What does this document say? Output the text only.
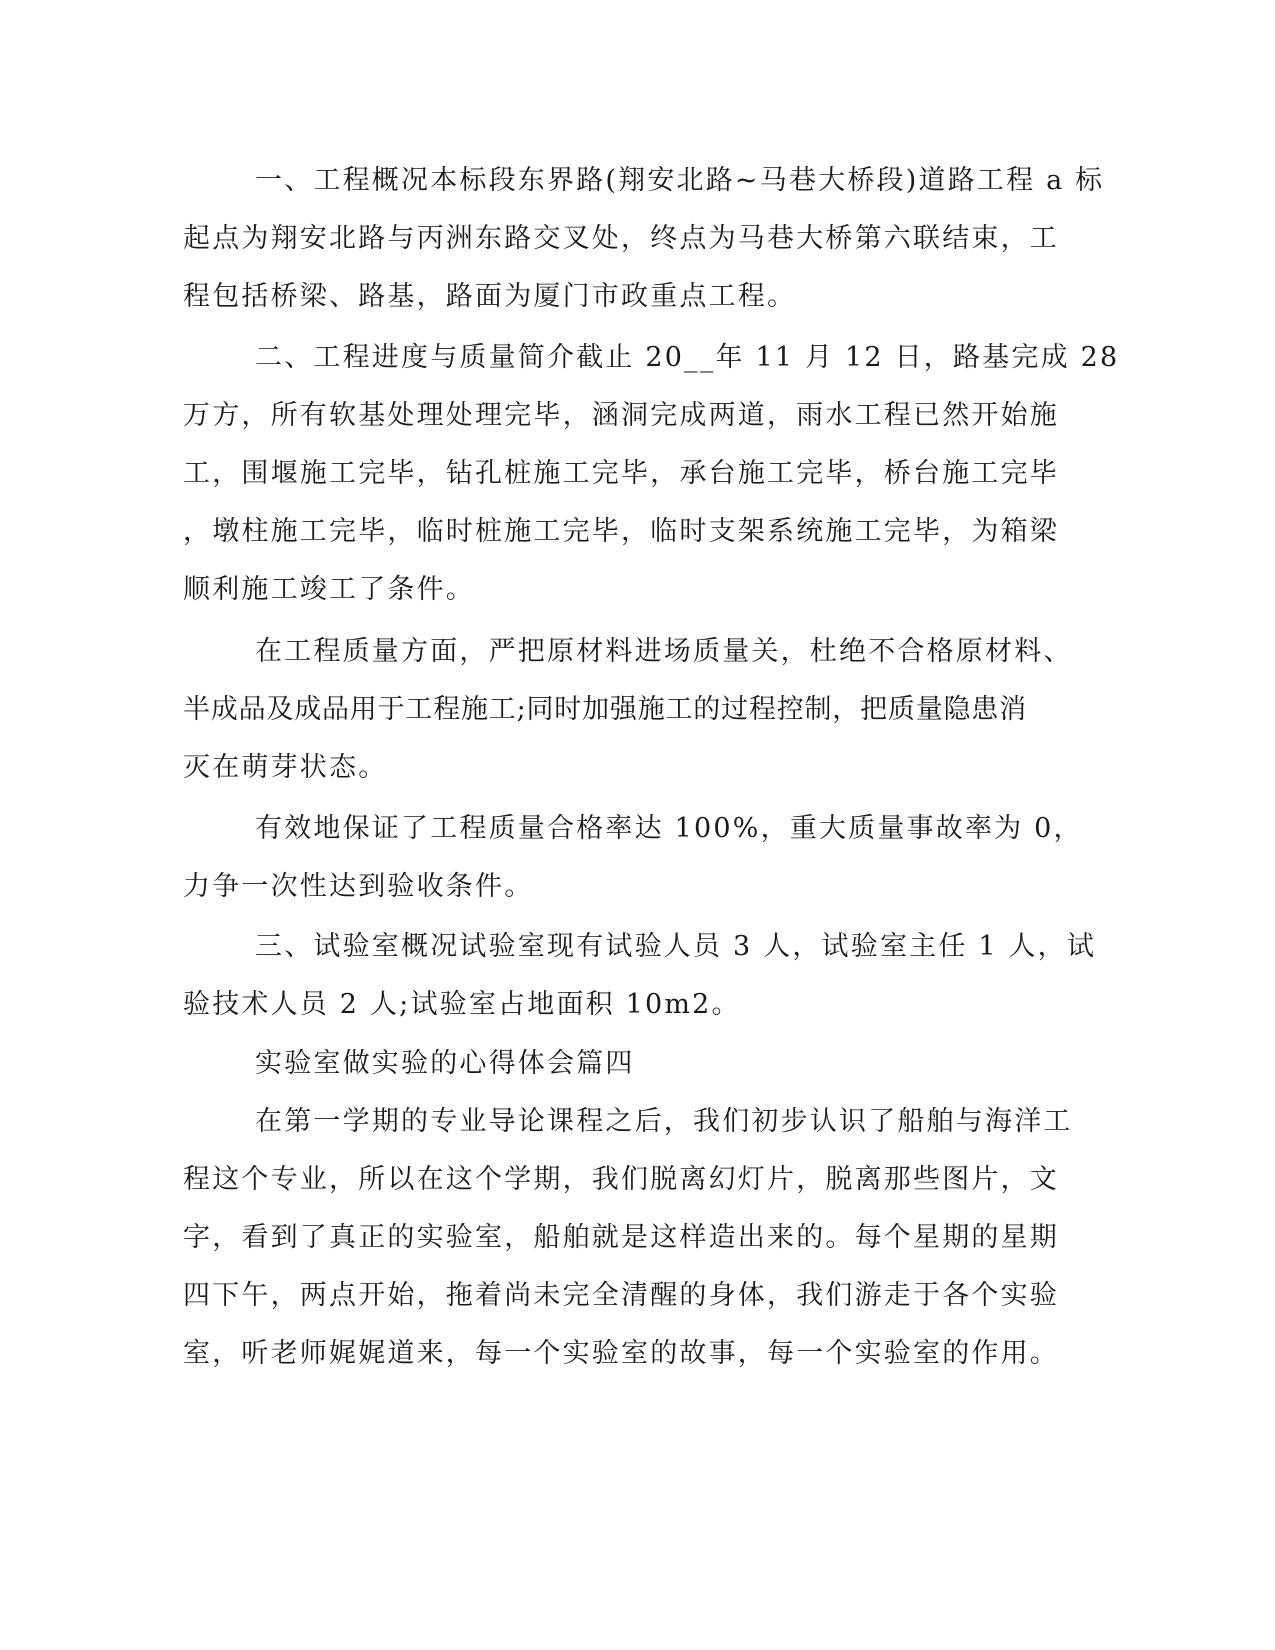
一、工程概况本标段东界路(翔安北路~马巷大桥段)道路工程 a 标
起点为翔安北路与丙洲东路交叉处，终点为马巷大桥第六联结束，工
程包括桥梁、路基，路面为厦门市政重点工程。
二、工程进度与质量简介截止 20__年 11 月 12 日，路基完成 28
万方，所有软基处理处理完毕，涵洞完成两道，雨水工程已然开始施
工，围堰施工完毕，钻孔桩施工完毕，承台施工完毕，桥台施工完毕
，墩柱施工完毕，临时桩施工完毕，临时支架系统施工完毕，为箱梁
顺利施工竣工了条件。
在工程质量方面，严把原材料进场质量关，杜绝不合格原材料、
半成品及成品用于工程施工;同时加强施工的过程控制，把质量隐患消
灭在萌芽状态。
有效地保证了工程质量合格率达 100%，重大质量事故率为 0，
力争一次性达到验收条件。
三、试验室概况试验室现有试验人员 3 人，试验室主任 1 人，试
验技术人员 2 人;试验室占地面积 10m2。
实验室做实验的心得体会篇四
在第一学期的专业导论课程之后，我们初步认识了船舶与海洋工
程这个专业，所以在这个学期，我们脱离幻灯片，脱离那些图片，文
字，看到了真正的实验室，船舶就是这样造出来的。每个星期的星期
四下午，两点开始，拖着尚未完全清醒的身体，我们游走于各个实验
室，听老师娓娓道来，每一个实验室的故事，每一个实验室的作用。
